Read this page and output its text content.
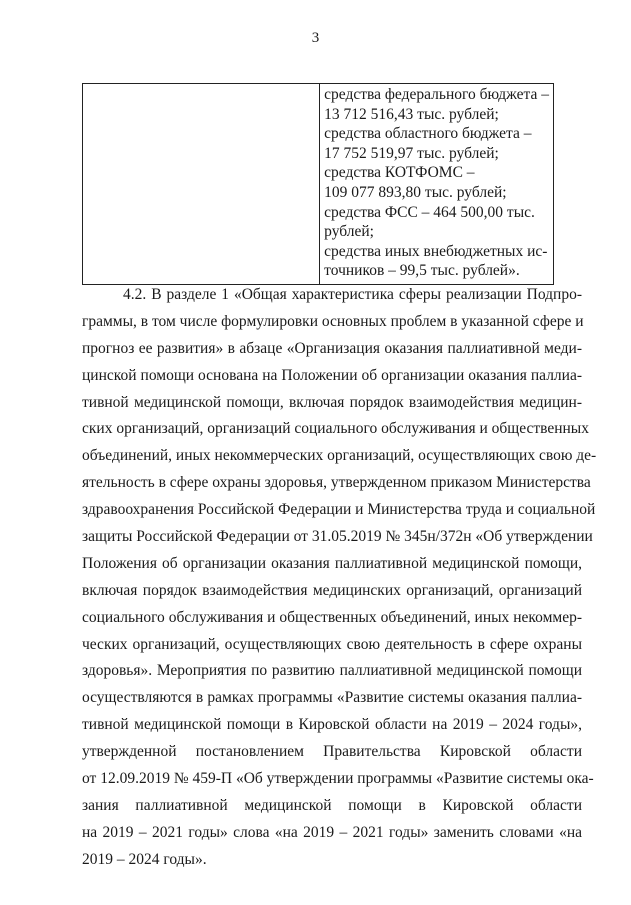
3

средства федерального бюджета –
13 712 516,43 тыс. рублей;
средства областного бюджета –
17 752 519,97 тыс. рублей;
средства КОТФОМС –
109 077 893,80 тыс. рублей;
средства ФСС – 464 500,00 тыс.
рублей;
средства иных внебюджетных ис-
точников – 99,5 тыс. рублей».
4.2. В разделе 1 «Общая характеристика сферы реализации Подпро-
граммы, в том числе формулировки основных проблем в указанной сфере и
прогноз ее развития» в абзаце «Организация оказания паллиативной меди-
цинской помощи основана на Положении об организации оказания паллиа-
тивной медицинской помощи, включая порядок взаимодействия медицин-
ских организаций, организаций социального обслуживания и общественных
объединений, иных некоммерческих организаций, осуществляющих свою де-
ятельность в сфере охраны здоровья, утвержденном приказом Министерства
здравоохранения Российской Федерации и Министерства труда и социальной
защиты Российской Федерации от 31.05.2019 № 345н/372н «Об утверждении
Положения об организации оказания паллиативной медицинской помощи,
включая порядок взаимодействия медицинских организаций, организаций
социального обслуживания и общественных объединений, иных некоммер-
ческих организаций, осуществляющих свою деятельность в сфере охраны
здоровья». Мероприятия по развитию паллиативной медицинской помощи
осуществляются в рамках программы «Развитие системы оказания паллиа-
тивной медицинской помощи в Кировской области на 2019 – 2024 годы»,
утвержденной постановлением Правительства Кировской области
от 12.09.2019 № 459-П «Об утверждении программы «Развитие системы ока-
зания паллиативной медицинской помощи в Кировской области
на 2019 – 2021 годы» слова «на 2019 – 2021 годы» заменить словами «на
2019 – 2024 годы».
